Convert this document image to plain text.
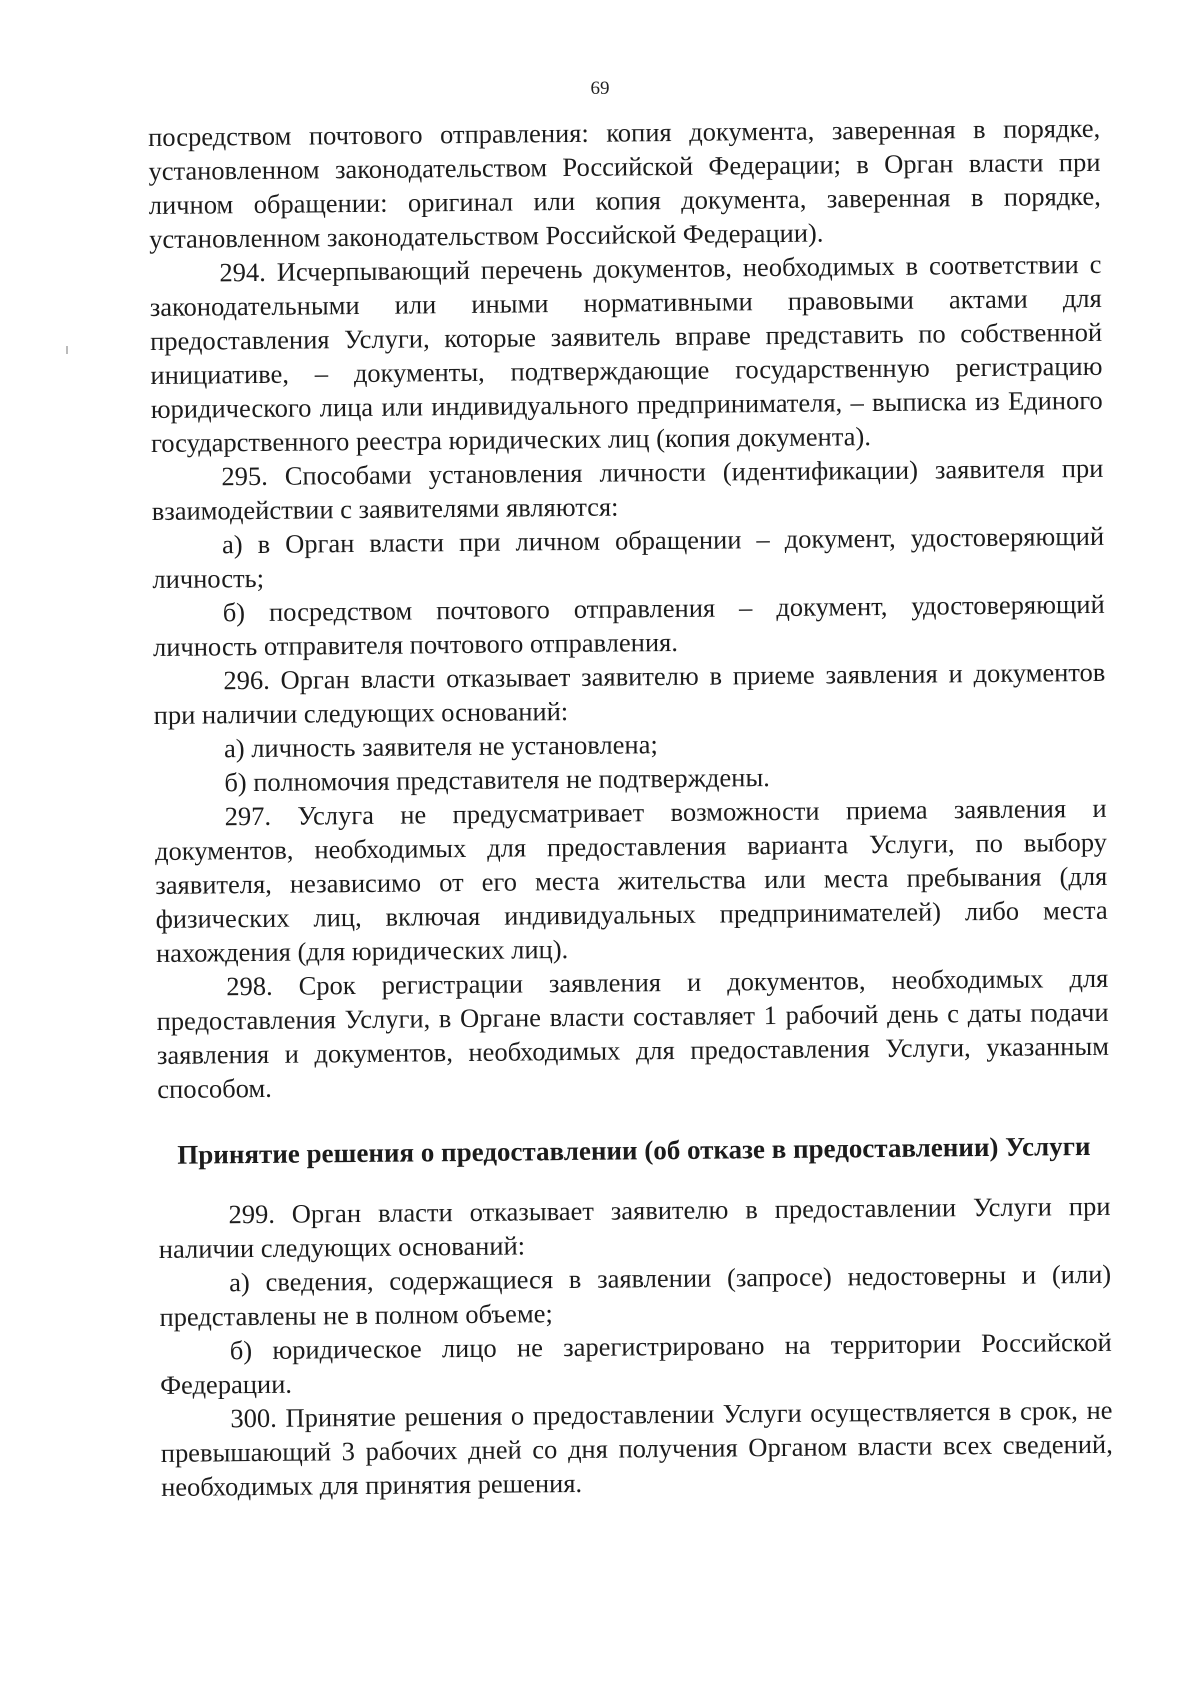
69

посредством почтового отправления: копия документа, заверенная в порядке, установленном законодательством Российской Федерации; в Орган власти при личном обращении: оригинал или копия документа, заверенная в порядке, установленном законодательством Российской Федерации).

294. Исчерпывающий перечень документов, необходимых в соответствии с законодательными или иными нормативными правовыми актами для предоставления Услуги, которые заявитель вправе представить по собственной инициативе, – документы, подтверждающие государственную регистрацию юридического лица или индивидуального предпринимателя, – выписка из Единого государственного реестра юридических лиц (копия документа).

295. Способами установления личности (идентификации) заявителя при взаимодействии с заявителями являются:

а) в Орган власти при личном обращении – документ, удостоверяющий личность;

б) посредством почтового отправления – документ, удостоверяющий личность отправителя почтового отправления.

296. Орган власти отказывает заявителю в приеме заявления и документов при наличии следующих оснований:

а) личность заявителя не установлена;

б) полномочия представителя не подтверждены.

297. Услуга не предусматривает возможности приема заявления и документов, необходимых для предоставления варианта Услуги, по выбору заявителя, независимо от его места жительства или места пребывания (для физических лиц, включая индивидуальных предпринимателей) либо места нахождения (для юридических лиц).

298. Срок регистрации заявления и документов, необходимых для предоставления Услуги, в Органе власти составляет 1 рабочий день с даты подачи заявления и документов, необходимых для предоставления Услуги, указанным способом.

Принятие решения о предоставлении (об отказе в предоставлении) Услуги

299. Орган власти отказывает заявителю в предоставлении Услуги при наличии следующих оснований:

а) сведения, содержащиеся в заявлении (запросе) недостоверны и (или) представлены не в полном объеме;

б) юридическое лицо не зарегистрировано на территории Российской Федерации.

300. Принятие решения о предоставлении Услуги осуществляется в срок, не превышающий 3 рабочих дней со дня получения Органом власти всех сведений, необходимых для принятия решения.
